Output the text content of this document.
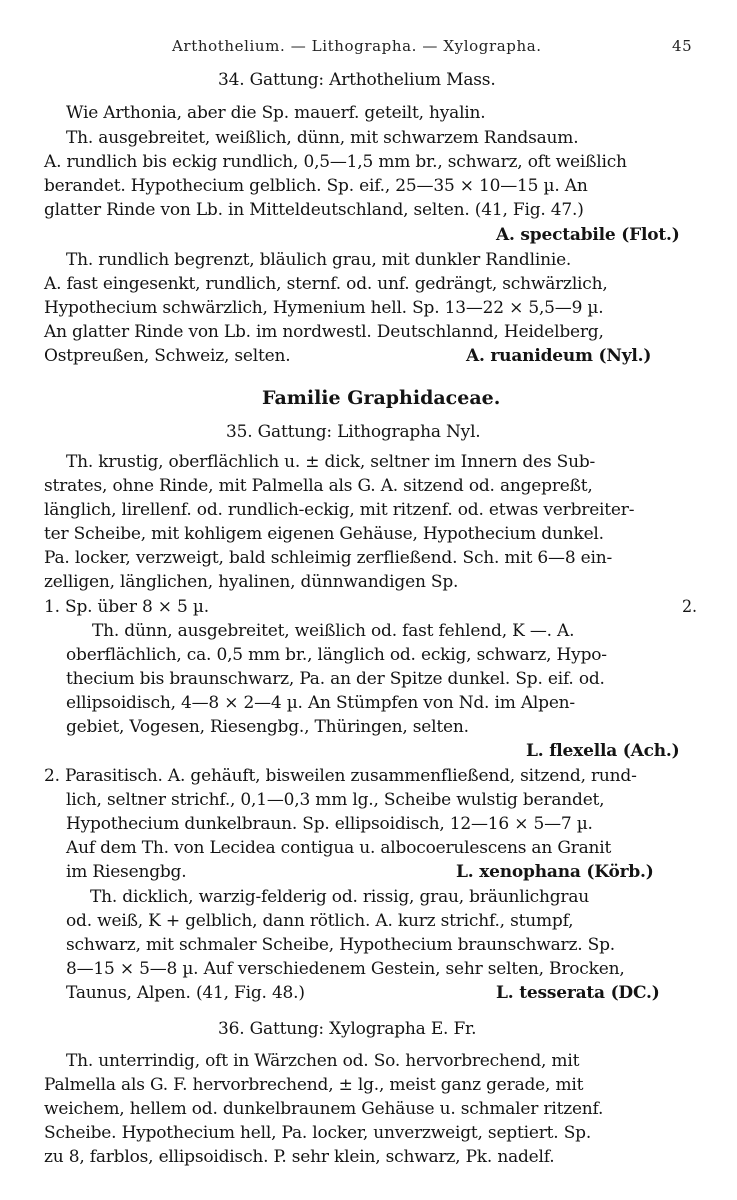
Arthothelium. — Lithographa. — Xylographa.	45
34. Gattung: Arthothelium Mass.
Wie Arthonia, aber die Sp. mauerf. geteilt, hyalin.
Th. ausgebreitet, weißlich, dünn, mit schwarzem Randsaum.
A. rundlich bis eckig rundlich, 0,5—1,5 mm br., schwarz, oft weißlich
berandet. Hypothecium gelblich. Sp. eif., 25—35 × 10—15 µ. An
glatter Rinde von Lb. in Mitteldeutschland, selten. (41, Fig. 47.)
A. spectabile (Flot.)
Th. rundlich begrenzt, bläulich grau, mit dunkler Randlinie.
A. fast eingesenkt, rundlich, sternf. od. unf. gedrängt, schwärzlich,
Hypothecium schwärzlich, Hymenium hell. Sp. 13—22 × 5,5—9 µ.
An glatter Rinde von Lb. im nordwestl. Deutschlannd, Heidelberg,
Ostpreußen, Schweiz, selten.	A. ruanideum (Nyl.)
Familie Graphidaceae.
35. Gattung: Lithographa Nyl.
Th. krustig, oberflächlich u. ± dick, seltner im Innern des Sub-
strates, ohne Rinde, mit Palmella als G. A. sitzend od. angepreßt,
länglich, lirellenf. od. rundlich-eckig, mit ritzenf. od. etwas verbreiter-
ter Scheibe, mit kohligem eigenen Gehäuse, Hypothecium dunkel.
Pa. locker, verzweigt, bald schleimig zerfließend. Sch. mit 6—8 ein-
zelligen, länglichen, hyalinen, dünnwandigen Sp.
1. Sp. über 8 × 5 µ.	2.
Th. dünn, ausgebreitet, weißlich od. fast fehlend, K —. A.
oberflächlich, ca. 0,5 mm br., länglich od. eckig, schwarz, Hypo-
thecium bis braunschwarz, Pa. an der Spitze dunkel. Sp. eif. od.
ellipsoidisch, 4—8 × 2—4 µ. An Stümpfen von Nd. im Alpen-
gebiet, Vogesen, Riesengbg., Thüringen, selten.
L. flexella (Ach.)
2. Parasitisch. A. gehäuft, bisweilen zusammenfließend, sitzend, rund-
lich, seltner strichf., 0,1—0,3 mm lg., Scheibe wulstig berandet,
Hypothecium dunkelbraun. Sp. ellipsoidisch, 12—16 × 5—7 µ.
Auf dem Th. von Lecidea contigua u. albocoerulescens an Granit
im Riesengbg.	L. xenophana (Körb.)
Th. dicklich, warzig-felderig od. rissig, grau, bräunlichgrau
od. weiß, K + gelblich, dann rötlich. A. kurz strichf., stumpf,
schwarz, mit schmaler Scheibe, Hypothecium braunschwarz. Sp.
8—15 × 5—8 µ. Auf verschiedenem Gestein, sehr selten, Brocken,
Taunus, Alpen. (41, Fig. 48.)	L. tesserata (DC.)
36. Gattung: Xylographa E. Fr.
Th. unterrindig, oft in Wärzchen od. So. hervorbrechend, mit
Palmella als G. F. hervorbrechend, ± lg., meist ganz gerade, mit
weichem, hellem od. dunkelbraunem Gehäuse u. schmaler ritzenf.
Scheibe. Hypothecium hell, Pa. locker, unverzweigt, septiert. Sp.
zu 8, farblos, ellipsoidisch. P. sehr klein, schwarz, Pk. nadelf.
